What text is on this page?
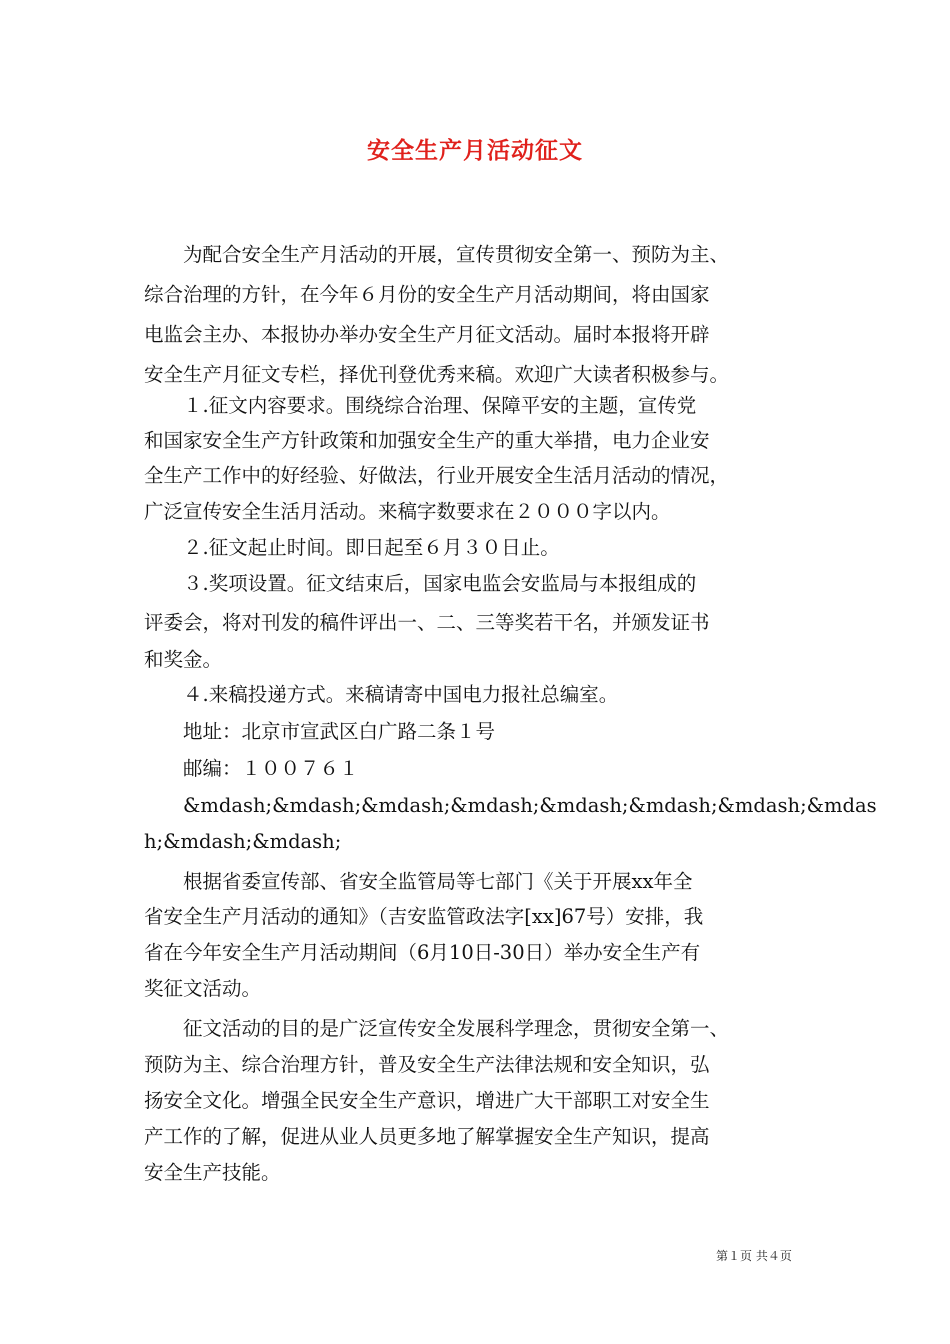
安全生产月活动征文
　　为配合安全生产月活动的开展，宣传贯彻安全第一、预防为主、
综合治理的方针，在今年６月份的安全生产月活动期间，将由国家
电监会主办、本报协办举办安全生产月征文活动。届时本报将开辟
安全生产月征文专栏，择优刊登优秀来稿。欢迎广大读者积极参与。
　　１.征文内容要求。围绕综合治理、保障平安的主题，宣传党
和国家安全生产方针政策和加强安全生产的重大举措，电力企业安
全生产工作中的好经验、好做法，行业开展安全生活月活动的情况，
广泛宣传安全生活月活动。来稿字数要求在２０００字以内。
　　２.征文起止时间。即日起至６月３０日止。
　　３.奖项设置。征文结束后，国家电监会安监局与本报组成的
评委会，将对刊发的稿件评出一、二、三等奖若干名，并颁发证书
和奖金。
　　４.来稿投递方式。来稿请寄中国电力报社总编室。
　　地址：北京市宣武区白广路二条１号
　　邮编：１００７６１
　　&mdash;&mdash;&mdash;&mdash;&mdash;&mdash;&mdash;&mdas
h;&mdash;&mdash;
　　根据省委宣传部、省安全监管局等七部门《关于开展xx年全
省安全生产月活动的通知》（吉安监管政法字[xx]67号）安排，我
省在今年安全生产月活动期间（6月10日-30日）举办安全生产有
奖征文活动。
　　征文活动的目的是广泛宣传安全发展科学理念，贯彻安全第一、
预防为主、综合治理方针，普及安全生产法律法规和安全知识，弘
扬安全文化。增强全民安全生产意识，增进广大干部职工对安全生
产工作的了解，促进从业人员更多地了解掌握安全生产知识，提高
安全生产技能。
第１页 共４页
